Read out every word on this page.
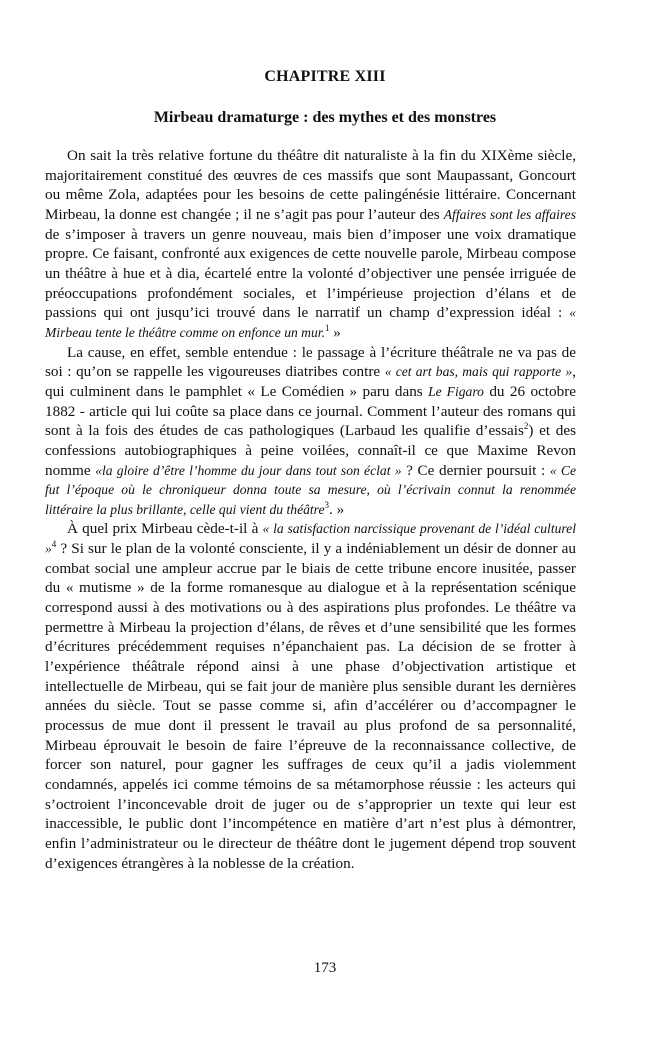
CHAPITRE XIII
Mirbeau dramaturge : des mythes et des monstres

On sait la très relative fortune du théâtre dit naturaliste à la fin du XIXème siècle, majoritairement constitué des œuvres de ces massifs que sont Maupassant, Goncourt ou même Zola, adaptées pour les besoins de cette palingénésie littéraire. Concernant Mirbeau, la donne est changée ; il ne s’agit pas pour l’auteur des Affaires sont les affaires de s’imposer à travers un genre nouveau, mais bien d’imposer une voix dramatique propre. Ce faisant, confronté aux exigences de cette nouvelle parole, Mirbeau compose un théâtre à hue et à dia, écartelé entre la volonté d’objectiver une pensée irriguée de préoccupations profondément sociales, et l’impérieuse projection d’élans et de passions qui ont jusqu’ici trouvé dans le narratif un champ d’expression idéal : « Mirbeau tente le théâtre comme on enfonce un mur.$^1$ »

La cause, en effet, semble entendue : le passage à l’écriture théâtrale ne va pas de soi : qu’on se rappelle les vigoureuses diatribes contre « cet art bas, mais qui rapporte », qui culminent dans le pamphlet « Le Comédien » paru dans Le Figaro du 26 octobre 1882 - article qui lui coûte sa place dans ce journal. Comment l’auteur des romans qui sont à la fois des études de cas pathologiques (Larbaud les qualifie d’essais$^2$) et des confessions autobiographiques à peine voilées, connaît-il ce que Maxime Revon nomme «la gloire d’être l’homme du jour dans tout son éclat » ? Ce dernier poursuit : « Ce fut l’époque où le chroniqueur donna toute sa mesure, où l’écrivain connut la renommée littéraire la plus brillante, celle qui vient du théâtre$^3$. »

À quel prix Mirbeau cède-t-il à « la satisfaction narcissique provenant de l’idéal culturel »$^4$ ? Si sur le plan de la volonté consciente, il y a indéniablement un désir de donner au combat social une ampleur accrue par le biais de cette tribune encore inusitée, passer du « mutisme » de la forme romanesque au dialogue et à la représentation scénique correspond aussi à des motivations ou à des aspirations plus profondes. Le théâtre va permettre à Mirbeau la projection d’élans, de rêves et d’une sensibilité que les formes d’écritures précédemment requises n’épanchaient pas. La décision de se frotter à l’expérience théâtrale répond ainsi à une phase d’objectivation artistique et intellectuelle de Mirbeau, qui se fait jour de manière plus sensible durant les dernières années du siècle. Tout se passe comme si, afin d’accélérer ou d’accompagner le processus de mue dont il pressent le travail au plus profond de sa personnalité, Mirbeau éprouvait le besoin de faire l’épreuve de la reconnaissance collective, de forcer son naturel, pour gagner les suffrages de ceux qu’il a jadis violemment condamnés, appelés ici comme témoins de sa métamorphose réussie : les acteurs qui s’octroient l’inconcevable droit de juger ou de s’approprier un texte qui leur est inaccessible, le public dont l’incompétence en matière d’art n’est plus à démontrer, enfin l’administrateur ou le directeur de théâtre dont le jugement dépend trop souvent d’exigences étrangères à la noblesse de la création.

173
